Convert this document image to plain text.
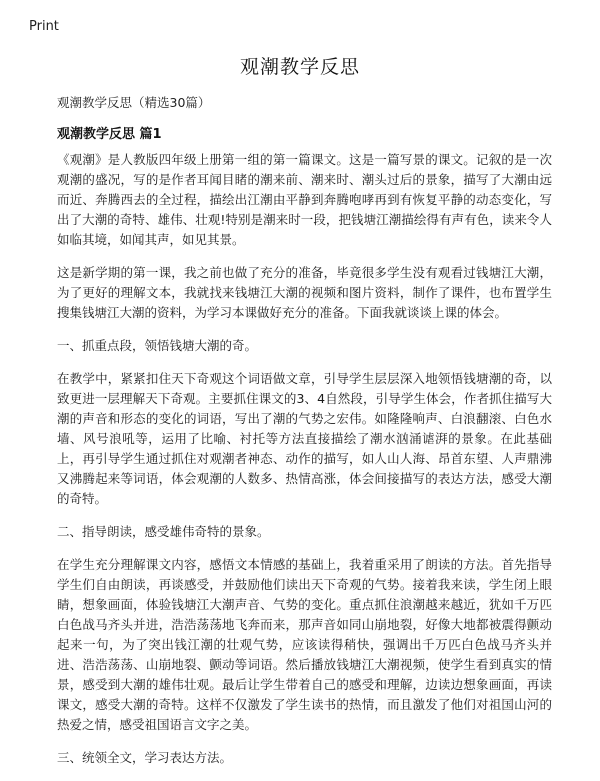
Print
观潮教学反思
观潮教学反思（精选30篇）
观潮教学反思 篇1

《观潮》是人教版四年级上册第一组的第一篇课文。这是一篇写景的课文。记叙的是一次观潮的盛况，写的是作者耳闻目睹的潮来前、潮来时、潮头过后的景象，描写了大潮由远而近、奔腾西去的全过程，描绘出江潮由平静到奔腾咆哮再到有恢复平静的动态变化，写出了大潮的奇特、雄伟、壮观!特别是潮来时一段，把钱塘江潮描绘得有声有色，读来令人如临其境，如闻其声，如见其景。

这是新学期的第一课，我之前也做了充分的准备，毕竟很多学生没有观看过钱塘江大潮，为了更好的理解文本，我就找来钱塘江大潮的视频和图片资料，制作了课件，也布置学生搜集钱塘江大潮的资料，为学习本课做好充分的准备。下面我就谈谈上课的体会。

一、抓重点段，领悟钱塘大潮的奇。

在教学中，紧紧扣住天下奇观这个词语做文章，引导学生层层深入地领悟钱塘潮的奇，以致更进一层理解天下奇观。主要抓住课文的3、4自然段，引导学生体会，作者抓住描写大潮的声音和形态的变化的词语，写出了潮的气势之宏伟。如隆隆响声、白浪翻滚、白色水墙、风号浪吼等，运用了比喻、衬托等方法直接描绘了潮水汹涌谑湃的景象。在此基础上，再引导学生通过抓住对观潮者神态、动作的描写，如人山人海、昂首东望、人声鼎沸又沸腾起来等词语，体会观潮的人数多、热情高涨，体会间接描写的表达方法，感受大潮的奇特。

二、指导朗读，感受雄伟奇特的景象。

在学生充分理解课文内容，感悟文本情感的基础上，我着重采用了朗读的方法。首先指导学生们自由朗读，再谈感受，并鼓励他们读出天下奇观的气势。接着我来读，学生闭上眼睛，想象画面，体验钱塘江大潮声音、气势的变化。重点抓住浪潮越来越近，犹如千万匹白色战马齐头并进，浩浩荡荡地飞奔而来，那声音如同山崩地裂，好像大地都被震得颤动起来一句，为了突出钱江潮的壮观气势，应该读得稍快，强调出千万匹白色战马齐头并进、浩浩荡荡、山崩地裂、颤动等词语。然后播放钱塘江大潮视频，使学生看到真实的情景，感受到大潮的雄伟壮观。最后让学生带着自己的感受和理解，边读边想象画面，再读课文，感受大潮的奇特。这样不仅激发了学生读书的热情，而且激发了他们对祖国山河的热爱之情，感受祖国语言文字之美。

三、统领全文，学习表达方法。
